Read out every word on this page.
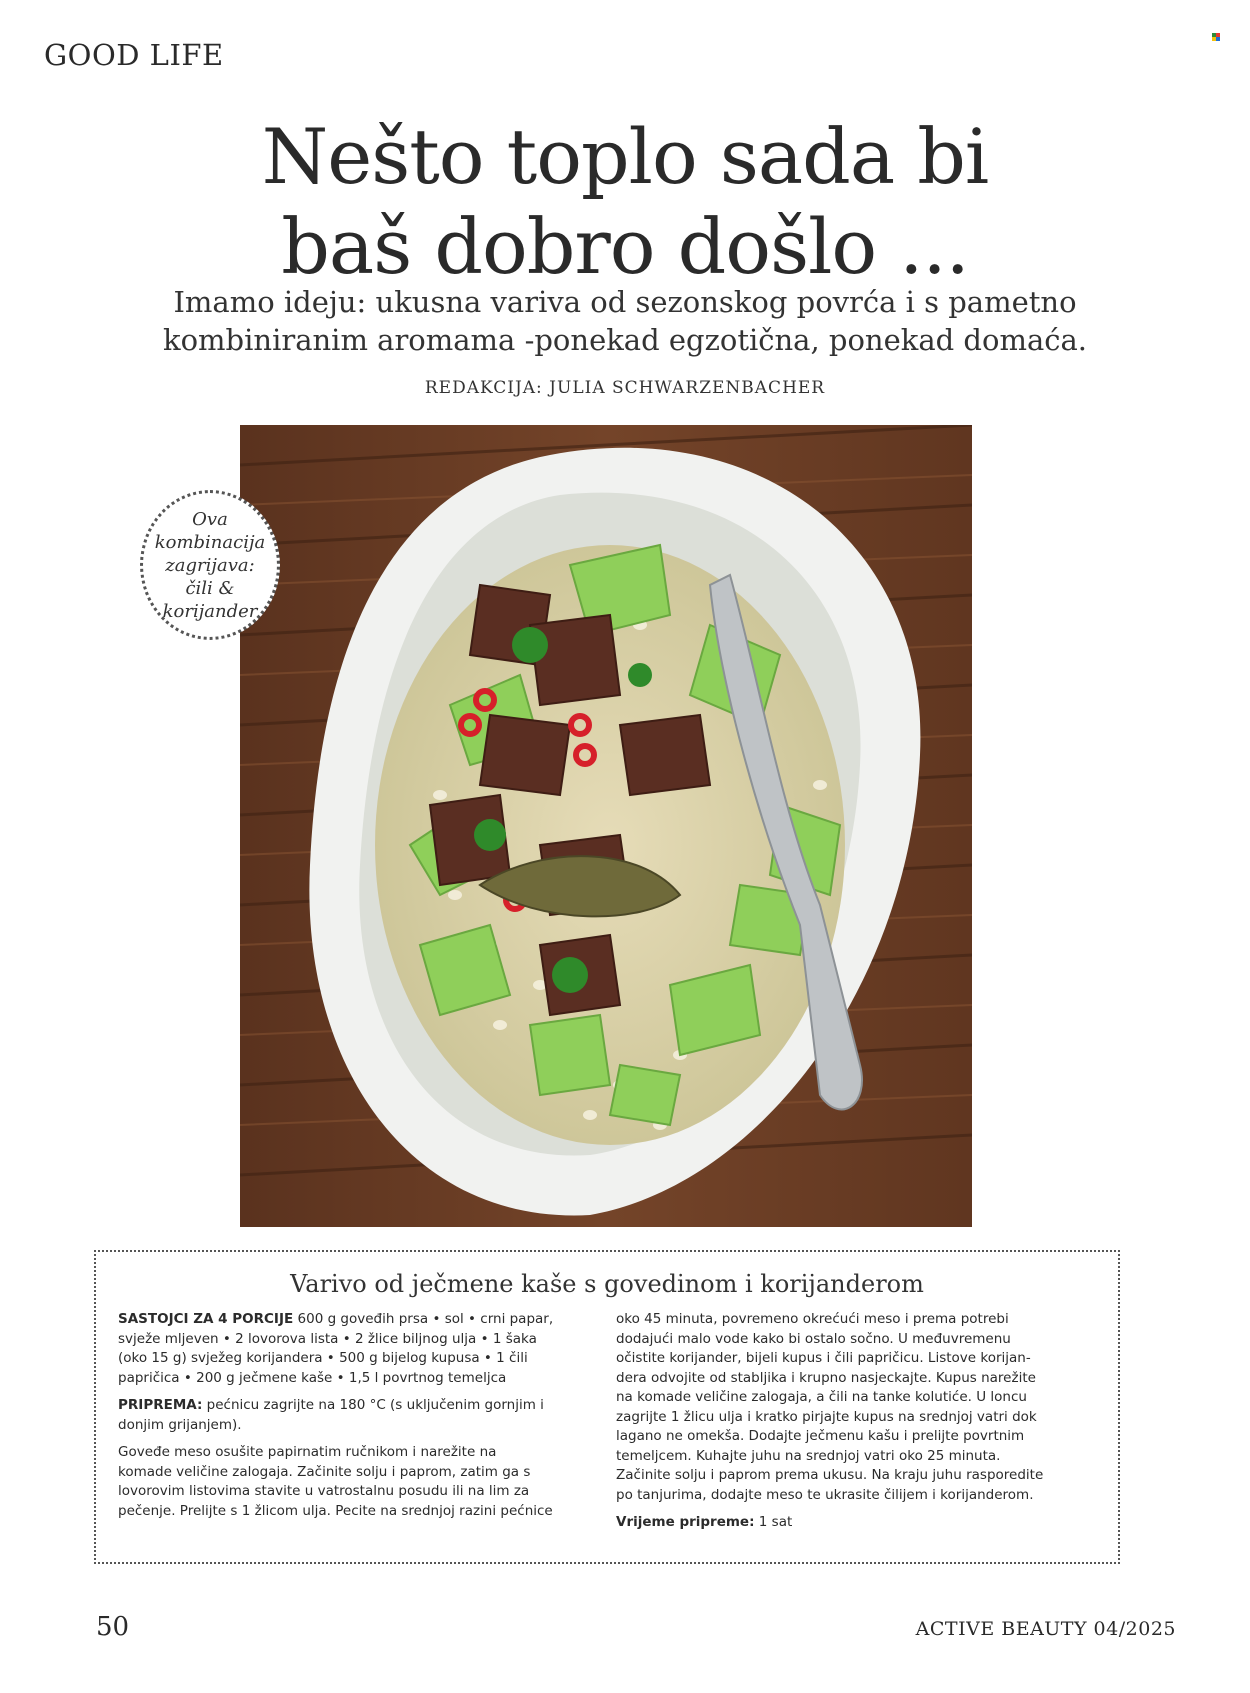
GOOD LIFE
Nešto toplo sada bi
baš dobro došlo ...
Imamo ideju: ukusna variva od sezonskog povrća i s pametno
kombiniranim aromama -ponekad egzotična, ponekad domaća.
REDAKCIJA: JULIA SCHWARZENBACHER
Ova
kombinacija
zagrijava:
čili &
korijander
Varivo od ječmene kaše s govedinom i korijanderom

SASTOJCI ZA 4 PORCIJE 600 g goveđih prsa • sol • crni papar,
svježe mljeven • 2 lovorova lista • 2 žlice biljnog ulja • 1 šaka
(oko 15 g) svježeg korijandera • 500 g bijelog kupusa • 1 čili
papričica • 200 g ječmene kaše • 1,5 l povrtnog temeljca

PRIPREMA: pećnicu zagrijte na 180 °C (s uključenim gornjim i
donjim grijanjem).

Goveđe meso osušite papirnatim ručnikom i narežite na
komade veličine zalogaja. Začinite solju i paprom, zatim ga s
lovorovim listovima stavite u vatrostalnu posudu ili na lim za
pečenje. Prelijte s 1 žlicom ulja. Pecite na srednjoj razini pećnice

oko 45 minuta, povremeno okrećući meso i prema potrebi
dodajući malo vode kako bi ostalo sočno. U međuvremenu
očistite korijander, bijeli kupus i čili papričicu. Listove korijan-
dera odvojite od stabljika i krupno nasjeckajte. Kupus narežite
na komade veličine zalogaja, a čili na tanke kolutiće. U loncu
zagrijte 1 žlicu ulja i kratko pirjajte kupus na srednjoj vatri dok
lagano ne omekša. Dodajte ječmenu kašu i prelijte povrtnim
temeljcem. Kuhajte juhu na srednjoj vatri oko 25 minuta.
Začinite solju i paprom prema ukusu. Na kraju juhu rasporedite
po tanjurima, dodajte meso te ukrasite čilijem i korijanderom.

Vrijeme pripreme: 1 sat

50	ACTIVE BEAUTY 04/2025
